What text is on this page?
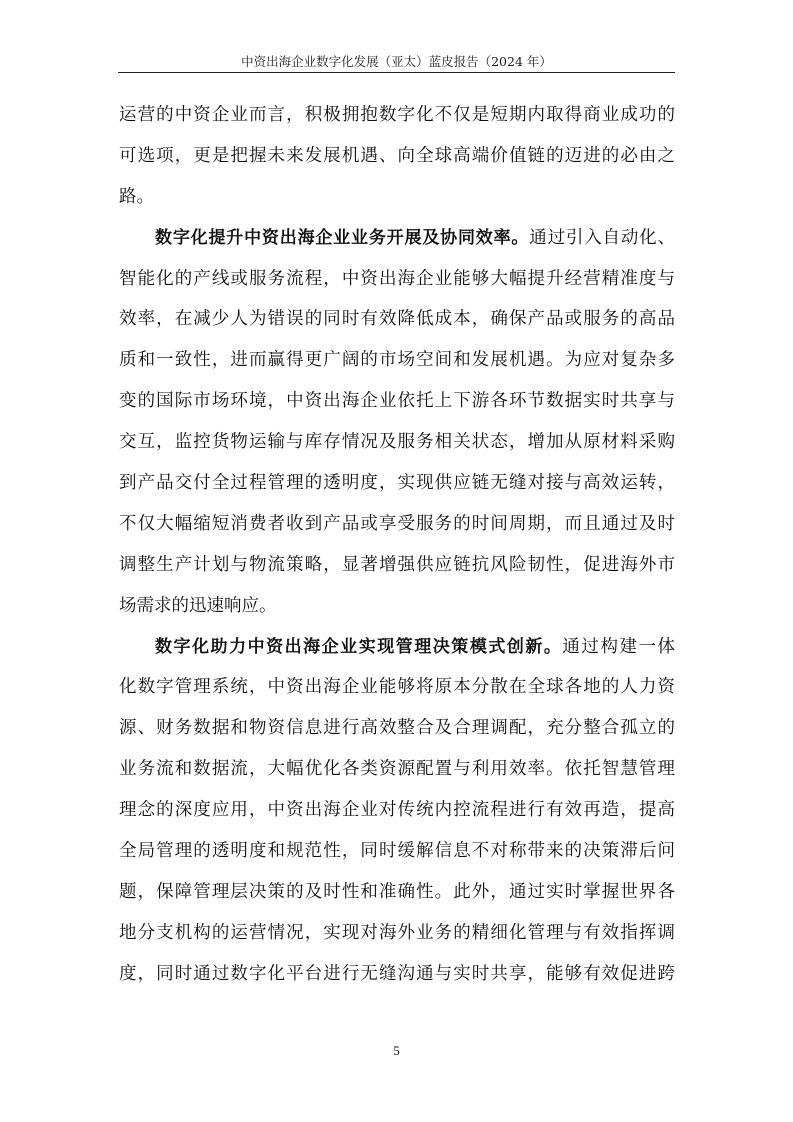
中资出海企业数字化发展（亚太）蓝皮报告（2024 年）
运营的中资企业而言，积极拥抱数字化不仅是短期内取得商业成功的
可选项，更是把握未来发展机遇、向全球高端价值链的迈进的必由之
路。
数字化提升中资出海企业业务开展及协同效率。通过引入自动化、
智能化的产线或服务流程，中资出海企业能够大幅提升经营精准度与
效率，在减少人为错误的同时有效降低成本，确保产品或服务的高品
质和一致性，进而赢得更广阔的市场空间和发展机遇。为应对复杂多
变的国际市场环境，中资出海企业依托上下游各环节数据实时共享与
交互，监控货物运输与库存情况及服务相关状态，增加从原材料采购
到产品交付全过程管理的透明度，实现供应链无缝对接与高效运转，
不仅大幅缩短消费者收到产品或享受服务的时间周期，而且通过及时
调整生产计划与物流策略，显著增强供应链抗风险韧性，促进海外市
场需求的迅速响应。
数字化助力中资出海企业实现管理决策模式创新。通过构建一体
化数字管理系统，中资出海企业能够将原本分散在全球各地的人力资
源、财务数据和物资信息进行高效整合及合理调配，充分整合孤立的
业务流和数据流，大幅优化各类资源配置与利用效率。依托智慧管理
理念的深度应用，中资出海企业对传统内控流程进行有效再造，提高
全局管理的透明度和规范性，同时缓解信息不对称带来的决策滞后问
题，保障管理层决策的及时性和准确性。此外，通过实时掌握世界各
地分支机构的运营情况，实现对海外业务的精细化管理与有效指挥调
度，同时通过数字化平台进行无缝沟通与实时共享，能够有效促进跨
5
